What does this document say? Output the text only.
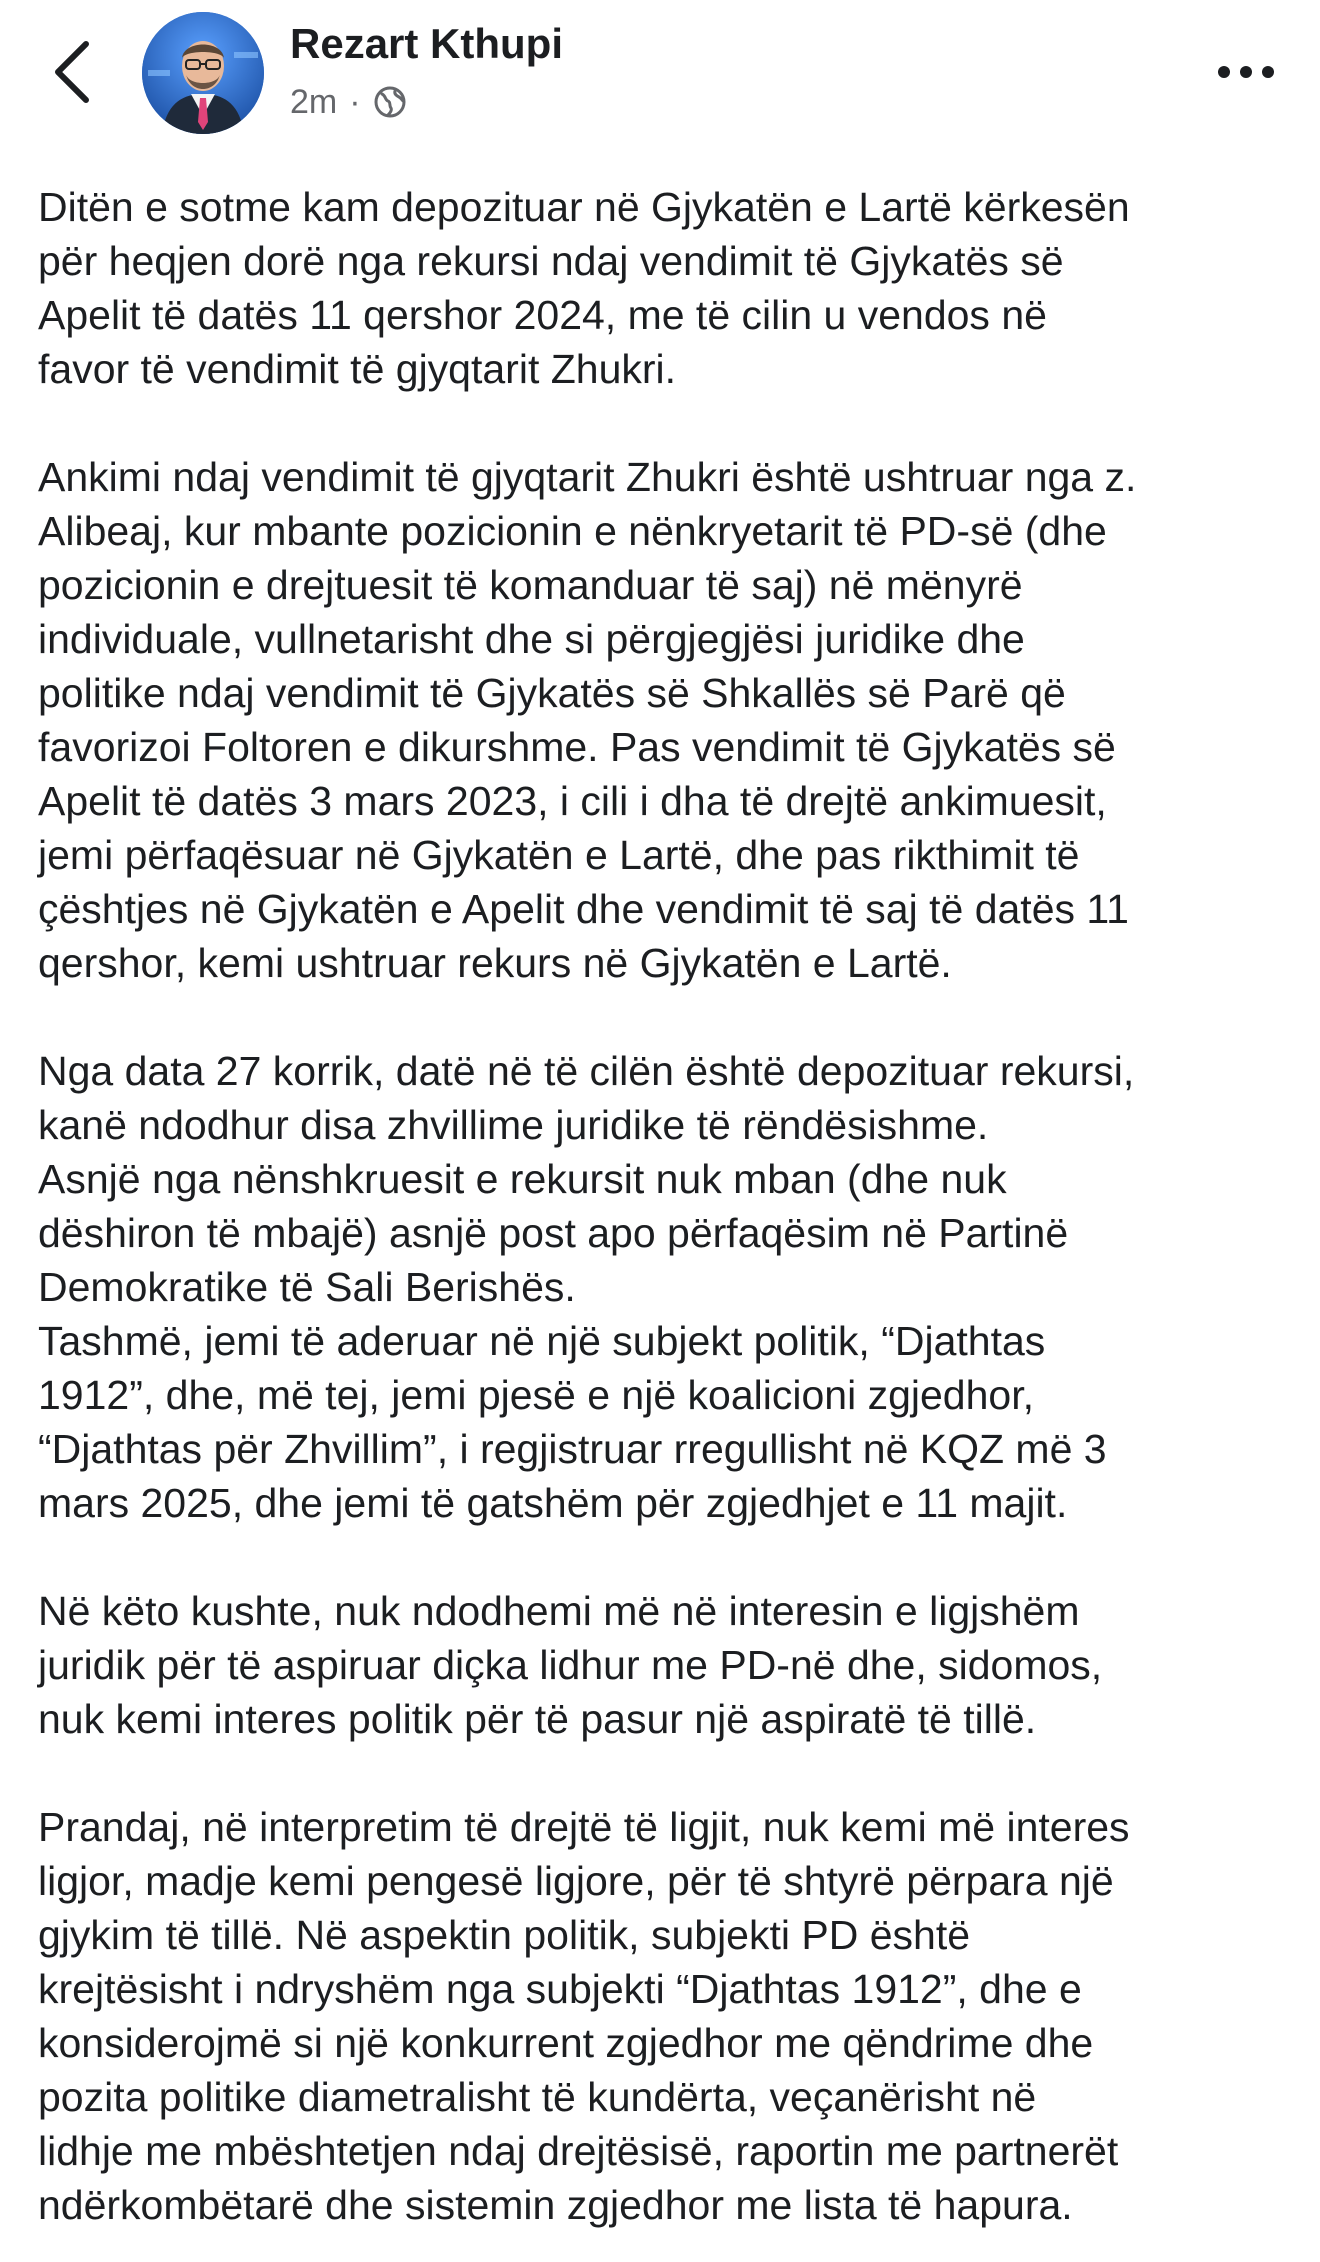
Rezart Kthupi
2m ·

Ditën e sotme kam depozituar në Gjykatën e Lartë kërkesën
për heqjen dorë nga rekursi ndaj vendimit të Gjykatës së
Apelit të datës 11 qershor 2024, me të cilin u vendos në
favor të vendimit të gjyqtarit Zhukri.

Ankimi ndaj vendimit të gjyqtarit Zhukri është ushtruar nga z.
Alibeaj, kur mbante pozicionin e nënkryetarit të PD-së (dhe
pozicionin e drejtuesit të komanduar të saj) në mënyrë
individuale, vullnetarisht dhe si përgjegjësi juridike dhe
politike ndaj vendimit të Gjykatës së Shkallës së Parë që
favorizoi Foltoren e dikurshme. Pas vendimit të Gjykatës së
Apelit të datës 3 mars 2023, i cili i dha të drejtë ankimuesit,
jemi përfaqësuar në Gjykatën e Lartë, dhe pas rikthimit të
çështjes në Gjykatën e Apelit dhe vendimit të saj të datës 11
qershor, kemi ushtruar rekurs në Gjykatën e Lartë.

Nga data 27 korrik, datë në të cilën është depozituar rekursi,
kanë ndodhur disa zhvillime juridike të rëndësishme.
Asnjë nga nënshkruesit e rekursit nuk mban (dhe nuk
dëshiron të mbajë) asnjë post apo përfaqësim në Partinë
Demokratike të Sali Berishës.
Tashmë, jemi të aderuar në një subjekt politik, “Djathtas
1912”, dhe, më tej, jemi pjesë e një koalicioni zgjedhor,
“Djathtas për Zhvillim”, i regjistruar rregullisht në KQZ më 3
mars 2025, dhe jemi të gatshëm për zgjedhjet e 11 majit.

Në këto kushte, nuk ndodhemi më në interesin e ligjshëm
juridik për të aspiruar diçka lidhur me PD-në dhe, sidomos,
nuk kemi interes politik për të pasur një aspiratë të tillë.

Prandaj, në interpretim të drejtë të ligjit, nuk kemi më interes
ligjor, madje kemi pengesë ligjore, për të shtyrë përpara një
gjykim të tillë. Në aspektin politik, subjekti PD është
krejtësisht i ndryshëm nga subjekti “Djathtas 1912”, dhe e
konsiderojmë si një konkurrent zgjedhor me qëndrime dhe
pozita politike diametralisht të kundërta, veçanërisht në
lidhje me mbështetjen ndaj drejtësisë, raportin me partnerët
ndërkombëtarë dhe sistemin zgjedhor me lista të hapura.
